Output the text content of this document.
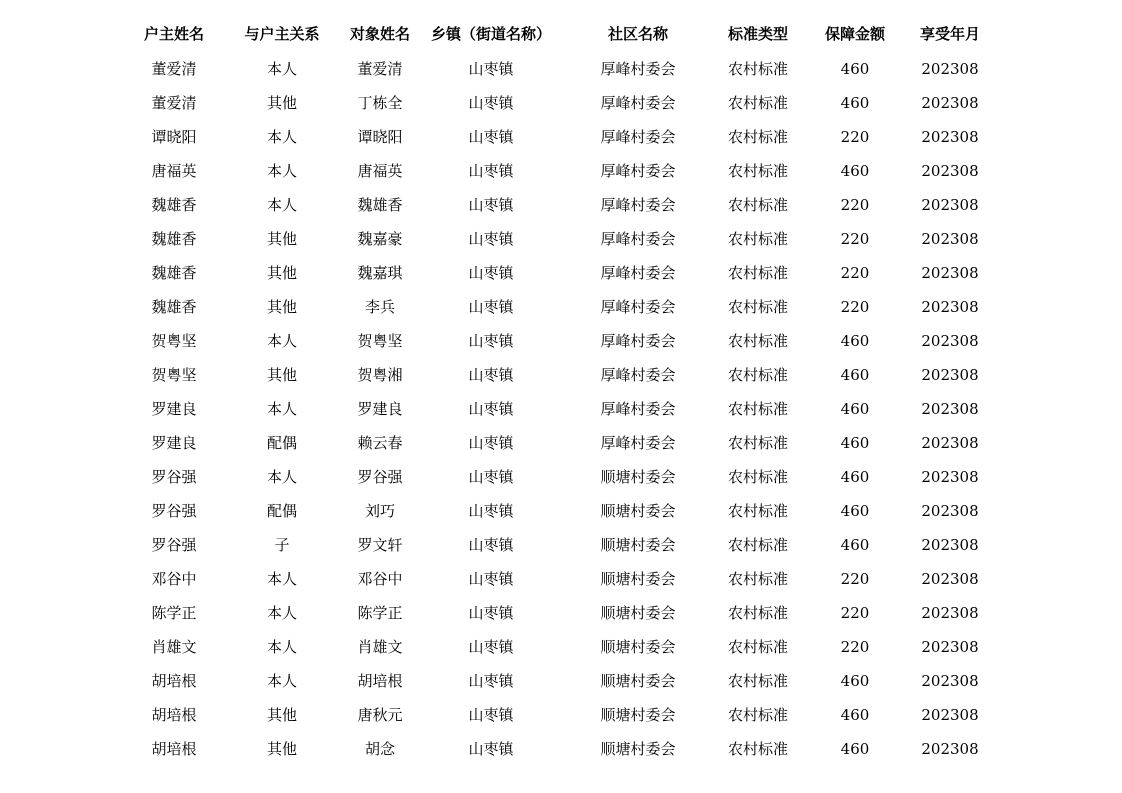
户主姓名	与户主关系	对象姓名	乡镇（街道名称）	社区名称	标准类型	保障金额	享受年月
董爱清	本人	董爱清	山枣镇	厚峰村委会	农村标准	460	202308
董爱清	其他	丁栋全	山枣镇	厚峰村委会	农村标准	460	202308
谭晓阳	本人	谭晓阳	山枣镇	厚峰村委会	农村标准	220	202308
唐福英	本人	唐福英	山枣镇	厚峰村委会	农村标准	460	202308
魏雄香	本人	魏雄香	山枣镇	厚峰村委会	农村标准	220	202308
魏雄香	其他	魏嘉豪	山枣镇	厚峰村委会	农村标准	220	202308
魏雄香	其他	魏嘉琪	山枣镇	厚峰村委会	农村标准	220	202308
魏雄香	其他	李兵	山枣镇	厚峰村委会	农村标准	220	202308
贺粤坚	本人	贺粤坚	山枣镇	厚峰村委会	农村标准	460	202308
贺粤坚	其他	贺粤湘	山枣镇	厚峰村委会	农村标准	460	202308
罗建良	本人	罗建良	山枣镇	厚峰村委会	农村标准	460	202308
罗建良	配偶	赖云春	山枣镇	厚峰村委会	农村标准	460	202308
罗谷强	本人	罗谷强	山枣镇	顺塘村委会	农村标准	460	202308
罗谷强	配偶	刘巧	山枣镇	顺塘村委会	农村标准	460	202308
罗谷强	子	罗文轩	山枣镇	顺塘村委会	农村标准	460	202308
邓谷中	本人	邓谷中	山枣镇	顺塘村委会	农村标准	220	202308
陈学正	本人	陈学正	山枣镇	顺塘村委会	农村标准	220	202308
肖雄文	本人	肖雄文	山枣镇	顺塘村委会	农村标准	220	202308
胡培根	本人	胡培根	山枣镇	顺塘村委会	农村标准	460	202308
胡培根	其他	唐秋元	山枣镇	顺塘村委会	农村标准	460	202308
胡培根	其他	胡念	山枣镇	顺塘村委会	农村标准	460	202308
